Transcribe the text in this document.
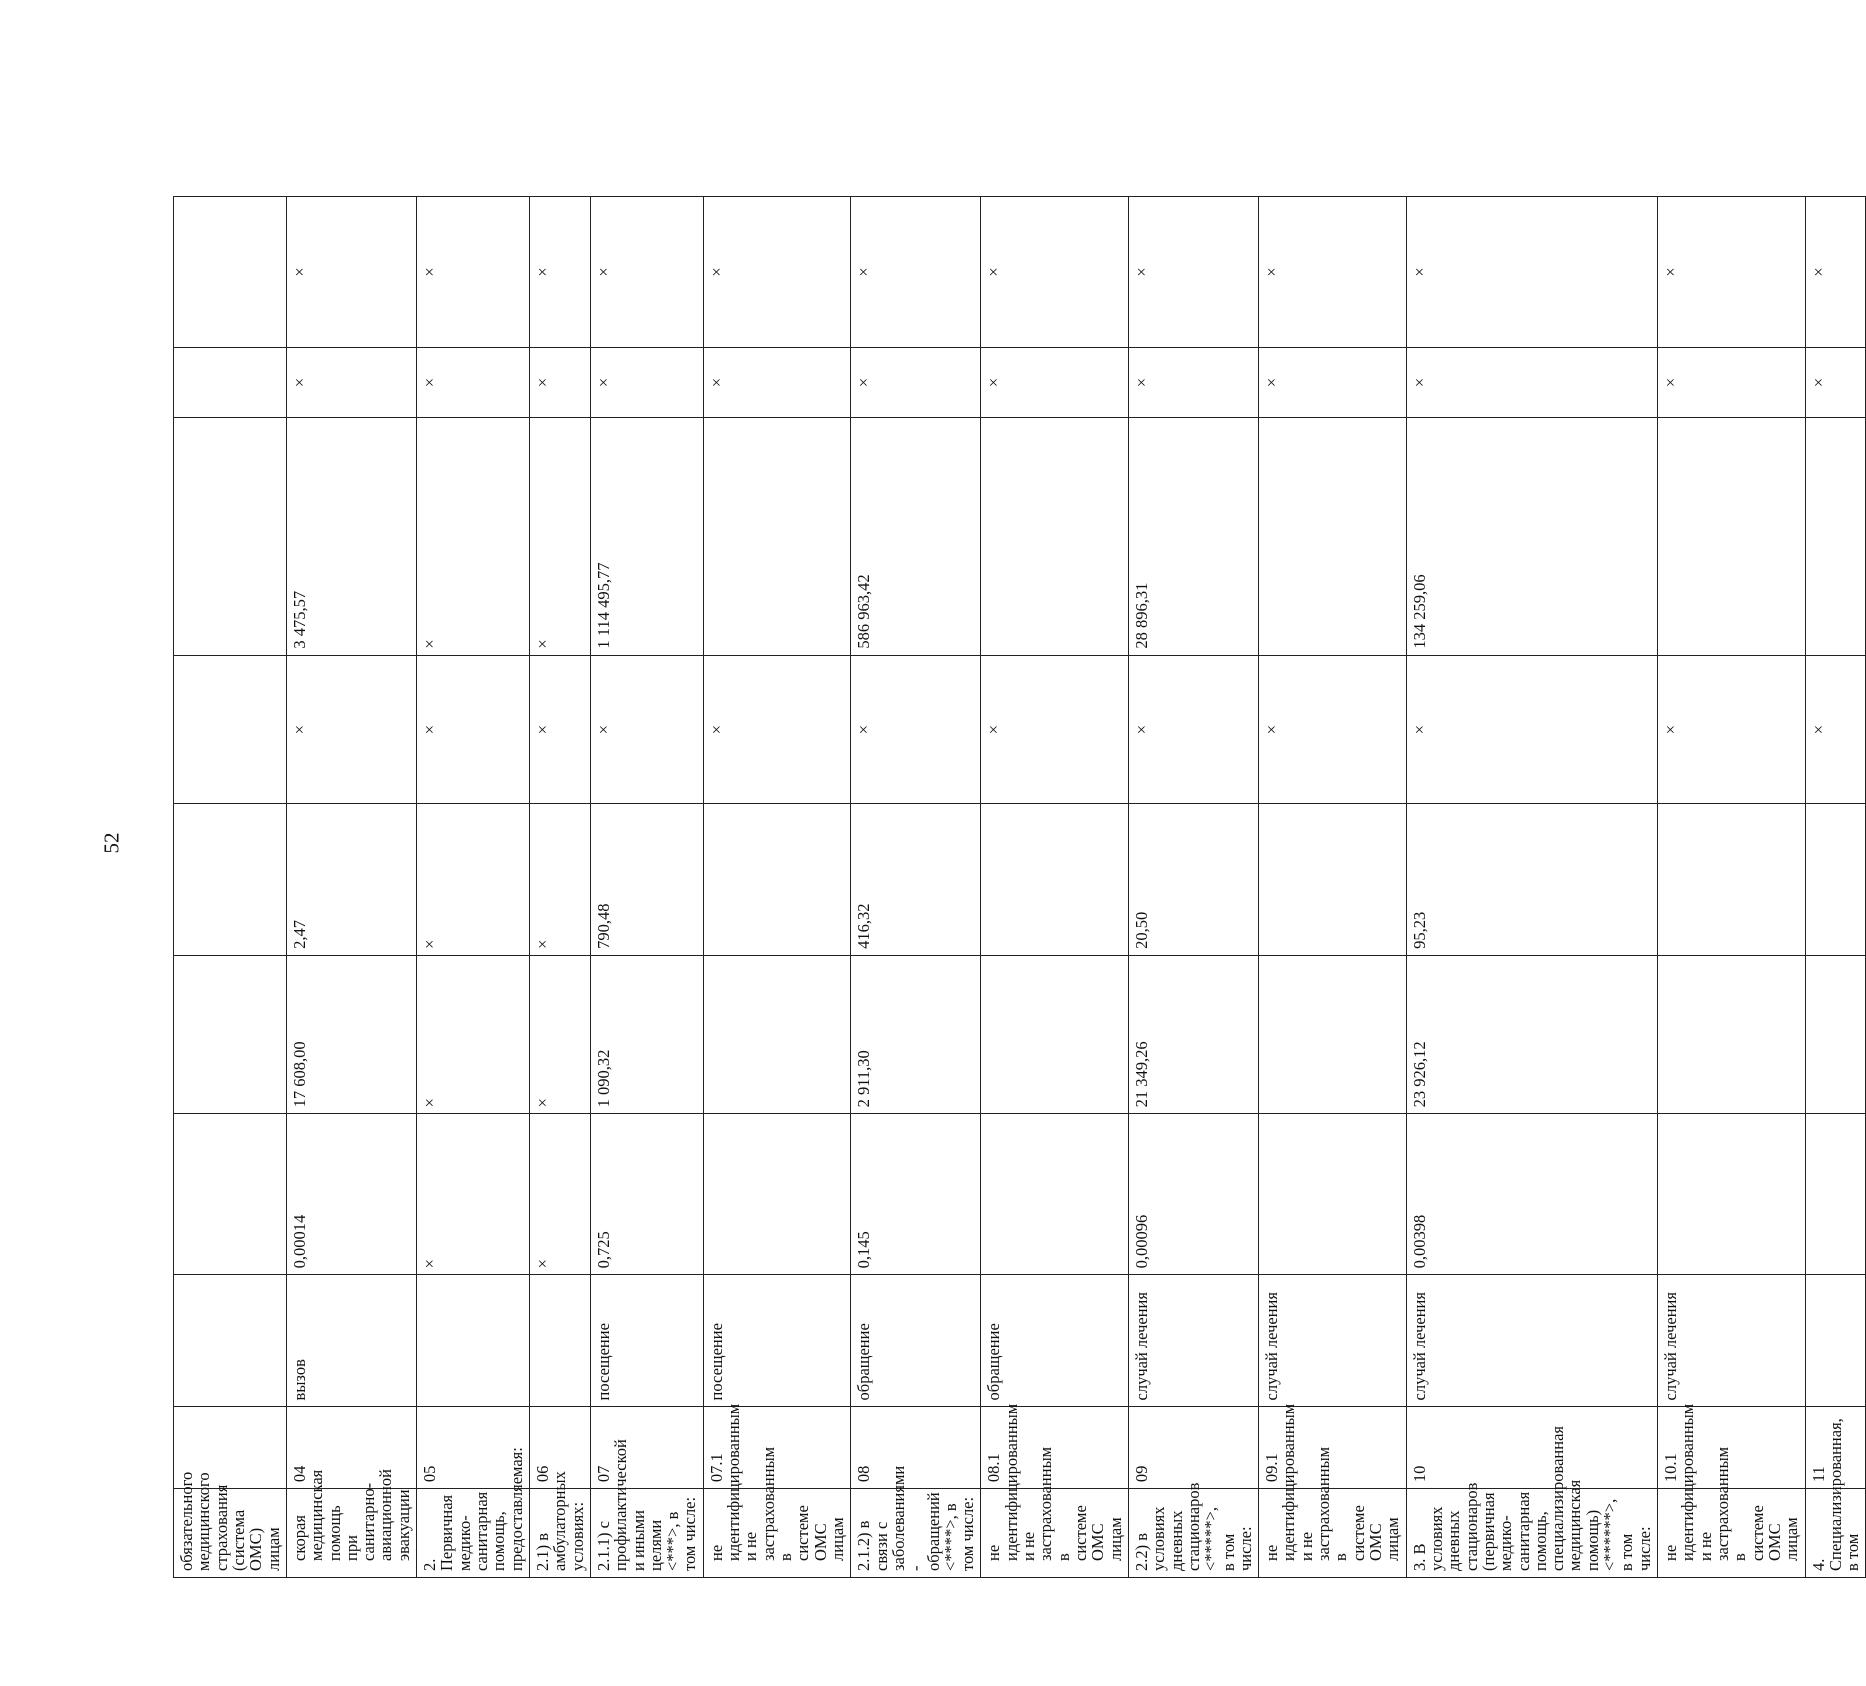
52
обязательного медицинского страхования (система ОМС) лицам									
скорая медицинская помощь при санитарно-авиационной эвакуации	04	вызов	0,00014	17 608,00	2,47	×	3 475,57	×	×
2. Первичная медико-санитарная помощь, предоставляемая:	05		×	×	×	×	×	×	×
2.1) в амбулаторных условиях:	06		×	×	×	×	×	×	×
2.1.1) с профилактической и иными целями <***>, в том числе:	07	посещение	0,725	1 090,32	790,48	×	1 114 495,77	×	×
не идентифицированным и не застрахованным в системе ОМС лицам	07.1	посещение				×		×	×
2.1.2) в связи с заболеваниями - обращений <****>, в том числе:	08	обращение	0,145	2 911,30	416,32	×	586 963,42	×	×
не идентифицированным и не застрахованным в системе ОМС лицам	08.1	обращение				×		×	×
2.2) в условиях дневных стационаров <*****>, в том числе:	09	случай лечения	0,00096	21 349,26	20,50	×	28 896,31	×	×
не идентифицированным и не застрахованным в системе ОМС лицам	09.1	случай лечения				×		×	×
3. В условиях дневных стационаров (первичная медико-санитарная помощь, специализированная медицинская помощь) <******>, в том числе:	10	случай лечения	0,00398	23 926,12	95,23	×	134 259,06	×	×
не идентифицированным и не застрахованным в системе ОМС лицам	10.1	случай лечения				×		×	×
4. Специализированная, в том	11					×		×	×
